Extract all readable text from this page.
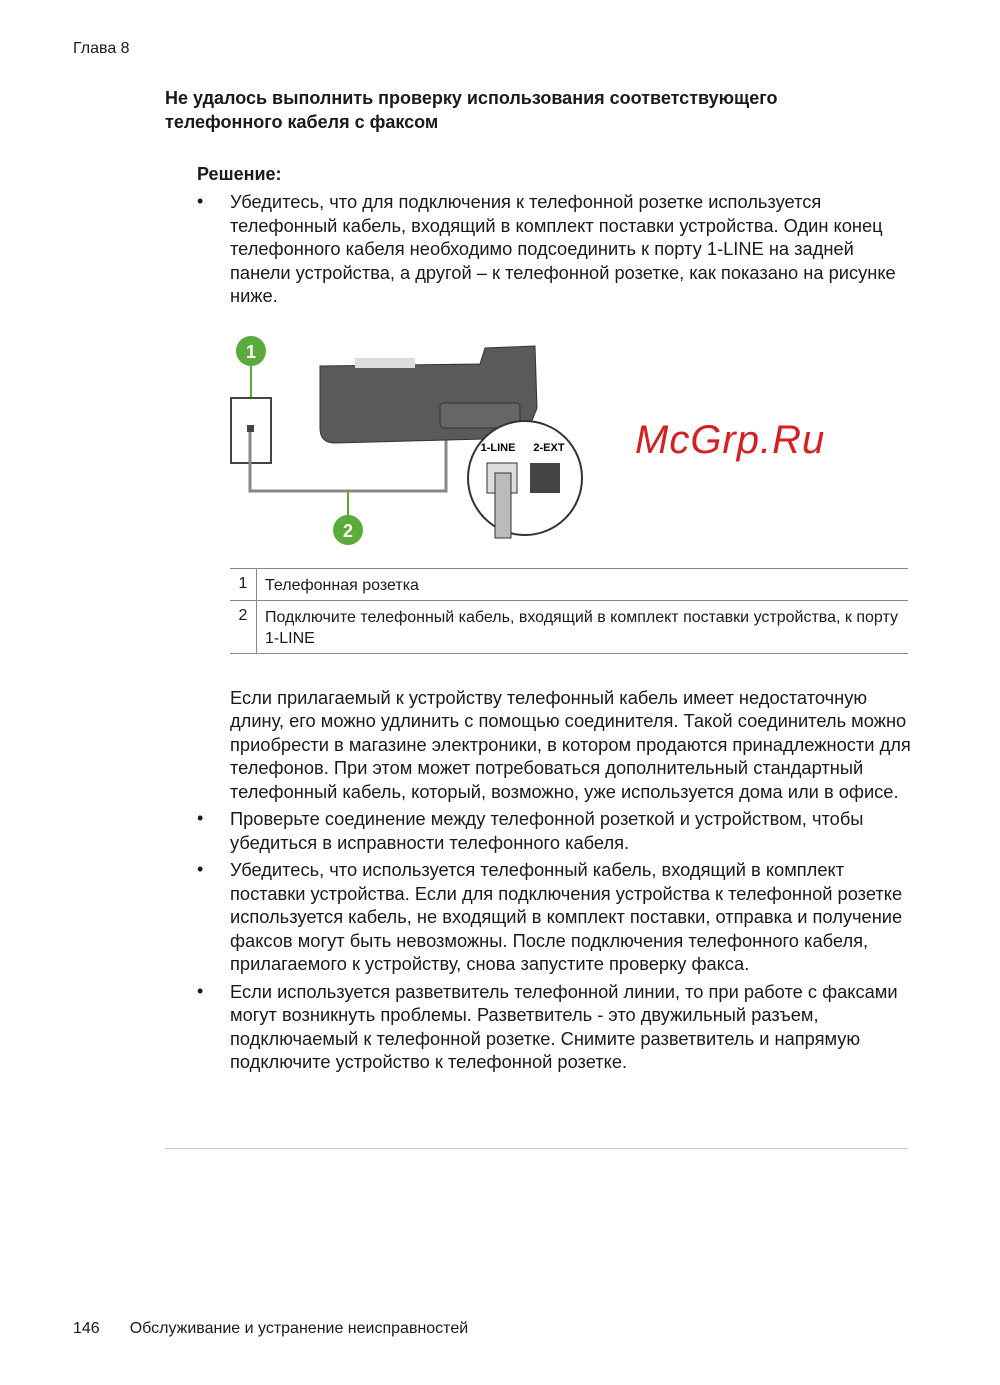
Глава 8
Не удалось выполнить проверку использования соответствующего телефонного кабеля с факсом
Решение:
• Убедитесь, что для подключения к телефонной розетке используется телефонный кабель, входящий в комплект поставки устройства. Один конец телефонного кабеля необходимо подсоединить к порту 1-LINE на задней панели устройства, а другой – к телефонной розетке, как показано на рисунке ниже.
1
2
1-LINE 2-EXT McGrp.Ru
1	Телефонная розетка
2	Подключите телефонный кабель, входящий в комплект поставки устройства, к порту 1-LINE
Если прилагаемый к устройству телефонный кабель имеет недостаточную длину, его можно удлинить с помощью соединителя. Такой соединитель можно приобрести в магазине электроники, в котором продаются принадлежности для телефонов. При этом может потребоваться дополнительный стандартный телефонный кабель, который, возможно, уже используется дома или в офисе.
• Проверьте соединение между телефонной розеткой и устройством, чтобы убедиться в исправности телефонного кабеля.
• Убедитесь, что используется телефонный кабель, входящий в комплект поставки устройства. Если для подключения устройства к телефонной розетке используется кабель, не входящий в комплект поставки, отправка и получение факсов могут быть невозможны. После подключения телефонного кабеля, прилагаемого к устройству, снова запустите проверку факса.
• Если используется разветвитель телефонной линии, то при работе с факсами могут возникнуть проблемы. Разветвитель - это двужильный разъем, подключаемый к телефонной розетке. Снимите разветвитель и напрямую подключите устройство к телефонной розетке.
146 Обслуживание и устранение неисправностей
